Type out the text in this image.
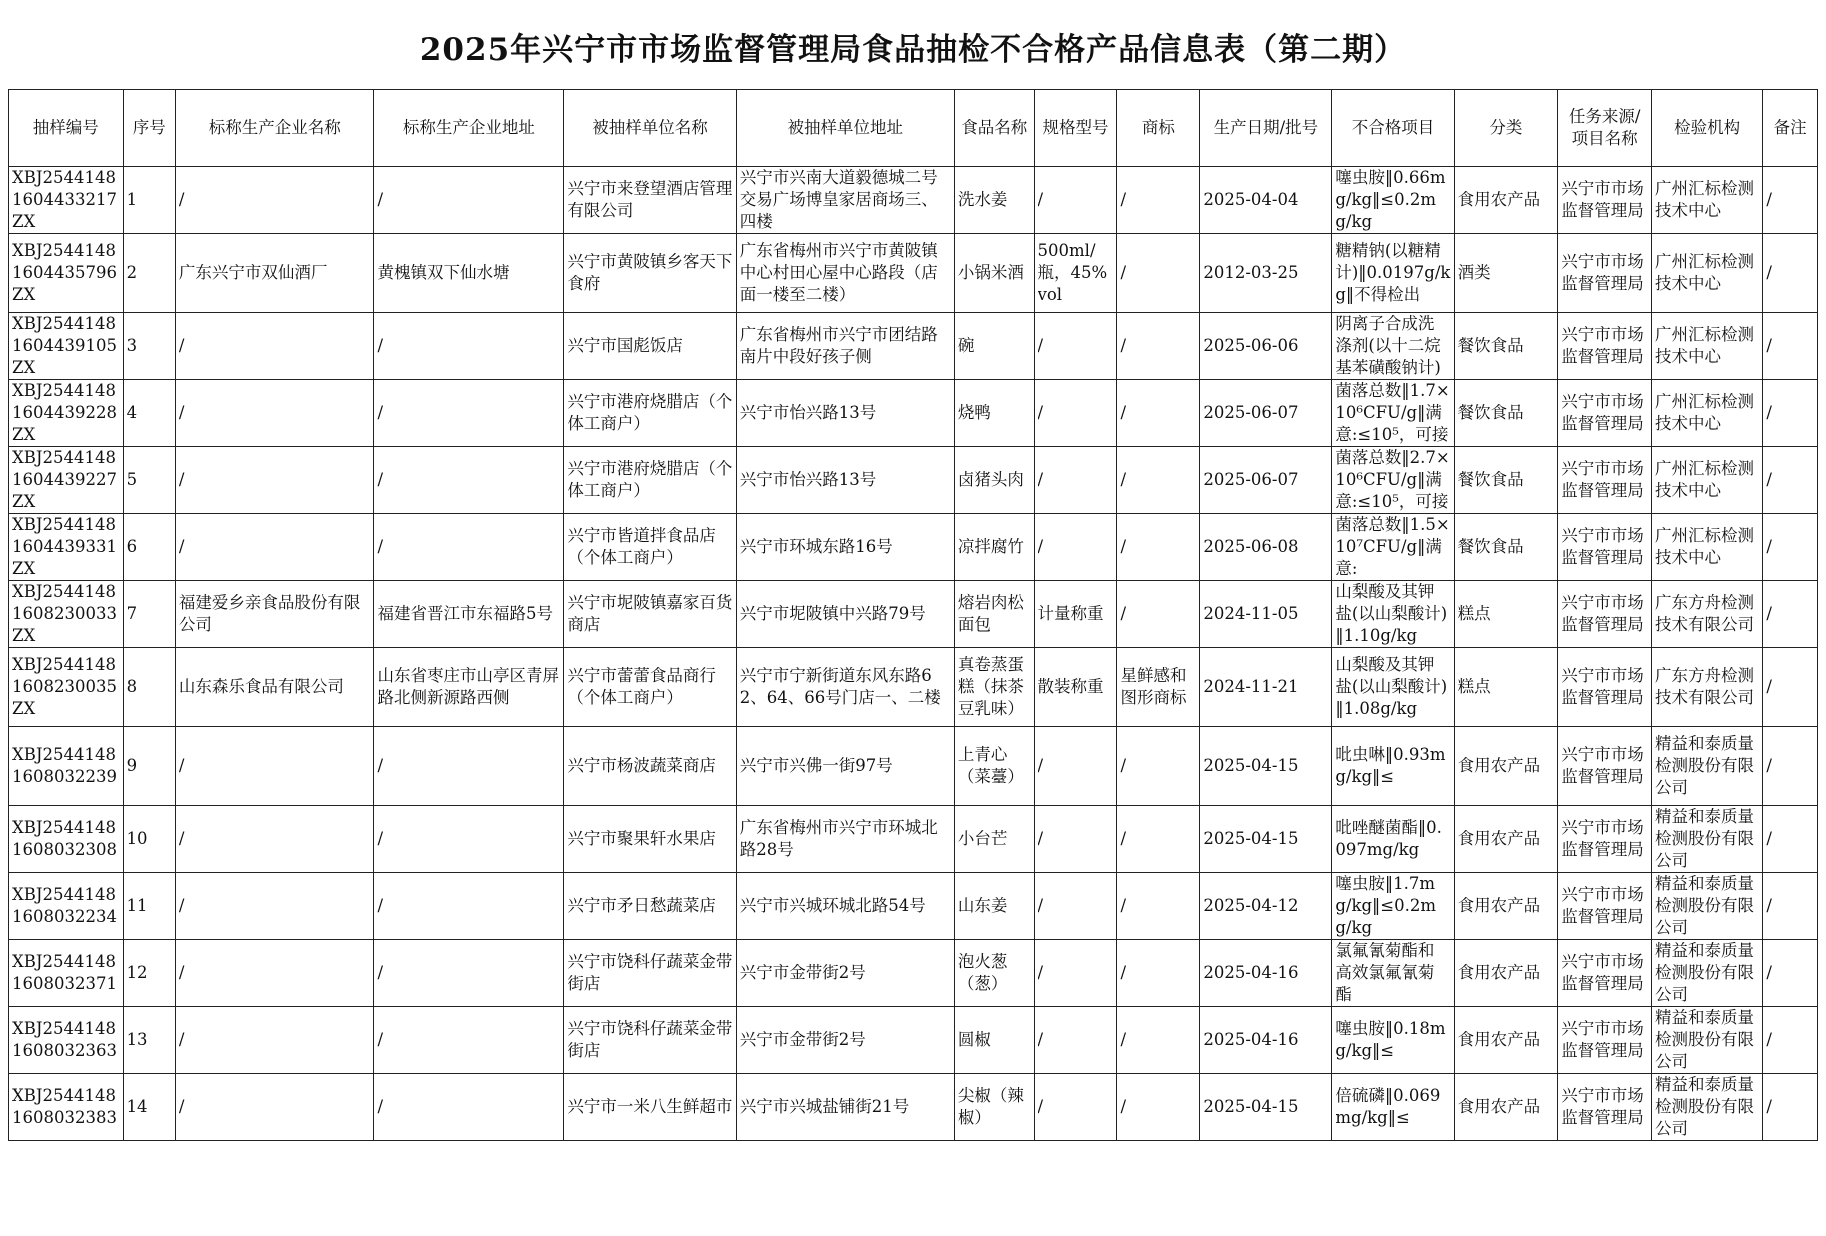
2025年兴宁市市场监督管理局食品抽检不合格产品信息表（第二期）
抽样编号	序号	标称生产企业名称	标称生产企业地址	被抽样单位名称	被抽样单位地址	食品名称	规格型号	商标	生产日期/批号	不合格项目	分类	任务来源/项目名称	检验机构	备注

XBJ25441481604433217ZX	1	/	/	兴宁市来登望酒店管理有限公司	兴宁市兴南大道毅德城二号交易广场博皇家居商场三、四楼	洗水姜	/	/	2025-04-04	噻虫胺‖0.66mg/kg‖≤0.2mg/kg	食用农产品	兴宁市市场监督管理局	广州汇标检测技术中心	/

XBJ25441481604435796ZX	2	广东兴宁市双仙酒厂	黄槐镇双下仙水塘	兴宁市黄陂镇乡客天下食府	广东省梅州市兴宁市黄陂镇中心村田心屋中心路段（店面一楼至二楼）	小锅米酒	500ml/瓶，45%vol	/	2012-03-25	糖精钠(以糖精计)‖0.0197g/kg‖不得检出	酒类	兴宁市市场监督管理局	广州汇标检测技术中心	/

XBJ25441481604439105ZX	3	/	/	兴宁市国彪饭店	广东省梅州市兴宁市团结路南片中段好孩子侧	碗	/	/	2025-06-06	阴离子合成洗涤剂(以十二烷基苯磺酸钠计)	餐饮食品	兴宁市市场监督管理局	广州汇标检测技术中心	/

XBJ25441481604439228ZX	4	/	/	兴宁市港府烧腊店（个体工商户）	兴宁市怡兴路13号	烧鸭	/	/	2025-06-07	菌落总数‖1.7×10⁶CFU/g‖满意:≤10⁵，可接	餐饮食品	兴宁市市场监督管理局	广州汇标检测技术中心	/

XBJ25441481604439227ZX	5	/	/	兴宁市港府烧腊店（个体工商户）	兴宁市怡兴路13号	卤猪头肉	/	/	2025-06-07	菌落总数‖2.7×10⁶CFU/g‖满意:≤10⁵，可接	餐饮食品	兴宁市市场监督管理局	广州汇标检测技术中心	/

XBJ25441481604439331ZX	6	/	/	兴宁市皆道拌食品店（个体工商户）	兴宁市环城东路16号	凉拌腐竹	/	/	2025-06-08	菌落总数‖1.5×10⁷CFU/g‖满意:	餐饮食品	兴宁市市场监督管理局	广州汇标检测技术中心	/

XBJ25441481608230033ZX	7	福建爱乡亲食品股份有限公司	福建省晋江市东福路5号	兴宁市坭陂镇嘉家百货商店	兴宁市坭陂镇中兴路79号	熔岩肉松面包	计量称重	/	2024-11-05	山梨酸及其钾盐(以山梨酸计)‖1.10g/kg	糕点	兴宁市市场监督管理局	广东方舟检测技术有限公司	/

XBJ25441481608230035ZX	8	山东森乐食品有限公司	山东省枣庄市山亭区青屏路北侧新源路西侧	兴宁市蕾蕾食品商行（个体工商户）	兴宁市宁新街道东风东路62、64、66号门店一、二楼	真卷蒸蛋糕（抹茶豆乳味）	散装称重	星鲜感和图形商标	2024-11-21	山梨酸及其钾盐(以山梨酸计)‖1.08g/kg	糕点	兴宁市市场监督管理局	广东方舟检测技术有限公司	/

XBJ2544148160803223​9	9	/	/	兴宁市杨波蔬菜商店	兴宁市兴佛一街97号	上青心（菜薹）	/	/	2025-04-15	吡虫啉‖0.93mg/kg‖≤	食用农产品	兴宁市市场监督管理局	精益和泰质量检测股份有限公司	/

XBJ25441481608032308	10	/	/	兴宁市聚果轩水果店	广东省梅州市兴宁市环城北路28号	小台芒	/	/	2025-04-15	吡唑醚菌酯‖0.097mg/kg	食用农产品	兴宁市市场监督管理局	精益和泰质量检测股份有限公司	/

XBJ25441481608032234	11	/	/	兴宁市矛日愁蔬菜店	兴宁市兴城环城北路54号	山东姜	/	/	2025-04-12	噻虫胺‖1.7mg/kg‖≤0.2mg/kg	食用农产品	兴宁市市场监督管理局	精益和泰质量检测股份有限公司	/

XBJ25441481608032371	12	/	/	兴宁市饶科仔蔬菜金带街店	兴宁市金带街2号	泡火葱（葱）	/	/	2025-04-16	氯氟氰菊酯和高效氯氟氰菊酯	食用农产品	兴宁市市场监督管理局	精益和泰质量检测股份有限公司	/

XBJ25441481608032363	13	/	/	兴宁市饶科仔蔬菜金带街店	兴宁市金带街2号	圆椒	/	/	2025-04-16	噻虫胺‖0.18mg/kg‖≤	食用农产品	兴宁市市场监督管理局	精益和泰质量检测股份有限公司	/

XBJ25441481608032383	14	/	/	兴宁市一米八生鲜超市	兴宁市兴城盐铺街21号	尖椒（辣椒）	/	/	2025-04-15	倍硫磷‖0.069mg/kg‖≤	食用农产品	兴宁市市场监督管理局	精益和泰质量检测股份有限公司	/
